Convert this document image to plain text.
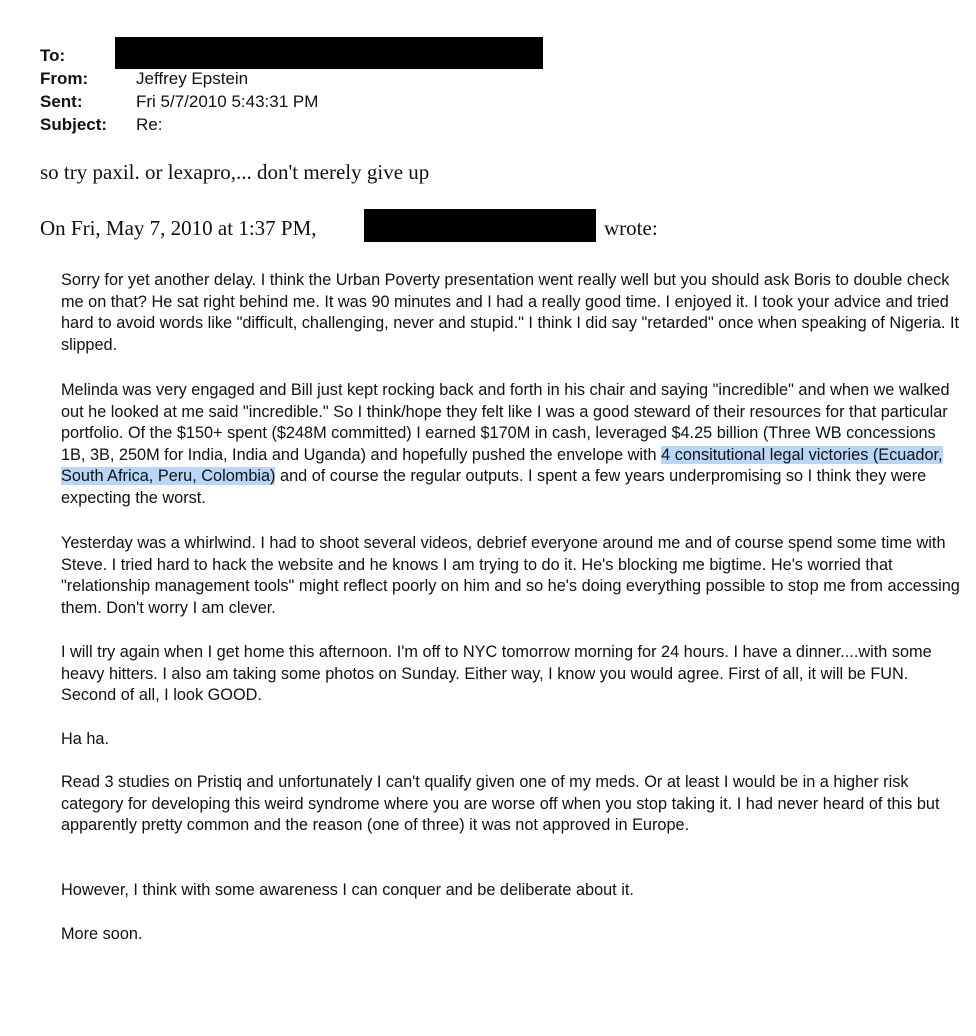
To:
From:	Jeffrey Epstein
Sent:	Fri 5/7/2010 5:43:31 PM
Subject: Re:
so try paxil. or lexapro,... don't merely give up
On Fri, May 7, 2010 at 1:37 PM,	wrote:

Sorry for yet another delay. I think the Urban Poverty presentation went really well but you should ask Boris to double check me on that? He sat right behind me. It was 90 minutes and I had a really good time. I enjoyed it. I took your advice and tried hard to avoid words like "difficult, challenging, never and stupid." I think I did say "retarded" once when speaking of Nigeria. It slipped.

Melinda was very engaged and Bill just kept rocking back and forth in his chair and saying "incredible" and when we walked out he looked at me said "incredible." So I think/hope they felt like I was a good steward of their resources for that particular portfolio. Of the $150+ spent ($248M committed) I earned $170M in cash, leveraged $4.25 billion (Three WB concessions 1B, 3B, 250M for India, India and Uganda) and hopefully pushed the envelope with 4 consitutional legal victories (Ecuador, South Africa, Peru, Colombia) and of course the regular outputs. I spent a few years underpromising so I think they were expecting the worst.

Yesterday was a whirlwind. I had to shoot several videos, debrief everyone around me and of course spend some time with Steve. I tried hard to hack the website and he knows I am trying to do it. He's blocking me bigtime. He's worried that "relationship management tools" might reflect poorly on him and so he's doing everything possible to stop me from accessing them. Don't worry I am clever.

I will try again when I get home this afternoon. I'm off to NYC tomorrow morning for 24 hours. I have a dinner....with some heavy hitters. I also am taking some photos on Sunday. Either way, I know you would agree. First of all, it will be FUN. Second of all, I look GOOD.

Ha ha.

Read 3 studies on Pristiq and unfortunately I can't qualify given one of my meds. Or at least I would be in a higher risk category for developing this weird syndrome where you are worse off when you stop taking it. I had never heard of this but apparently pretty common and the reason (one of three) it was not approved in Europe.

However, I think with some awareness I can conquer and be deliberate about it.

More soon.
